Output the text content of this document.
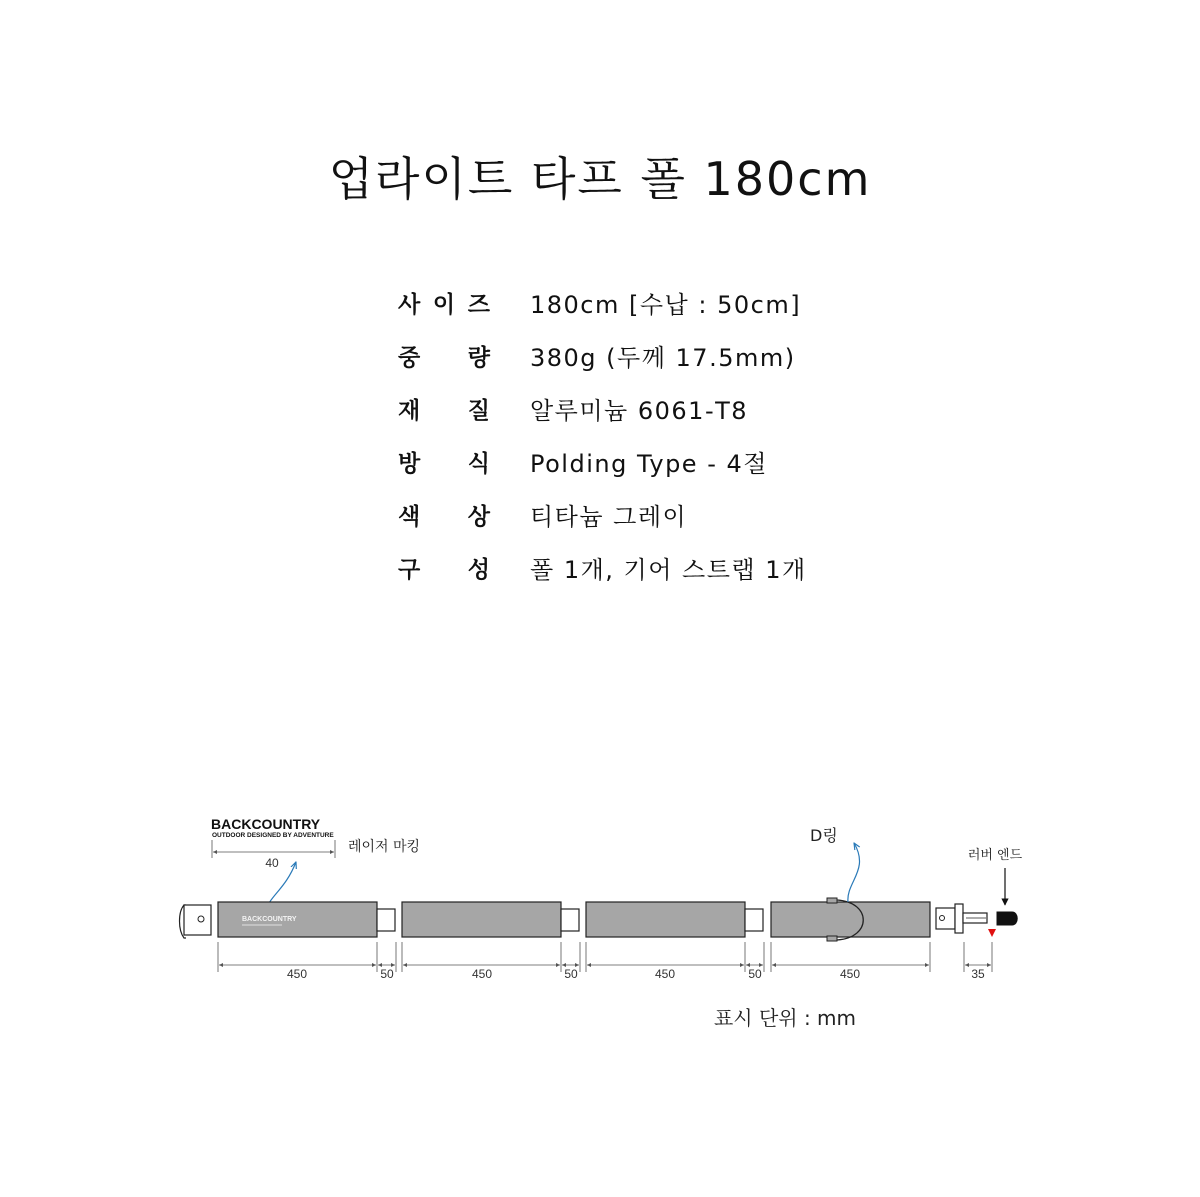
업라이트 타프 폴 180cm
사 이 즈 180cm [수납 : 50cm]
중 량 380g (두께 17.5mm)
재 질 알루미늄 6061-T8
방 식 Polding Type - 4절
색 상 티타늄 그레이
구 성 폴 1개, 기어 스트랩 1개
BACKCOUNTRY
OUTDOOR DESIGNED BY ADVENTURE
40
레이저 마킹
BACKCOUNTRY
D링
러버 엔드
450	50	450	50	450	50	450	35
표시 단위 : mm
